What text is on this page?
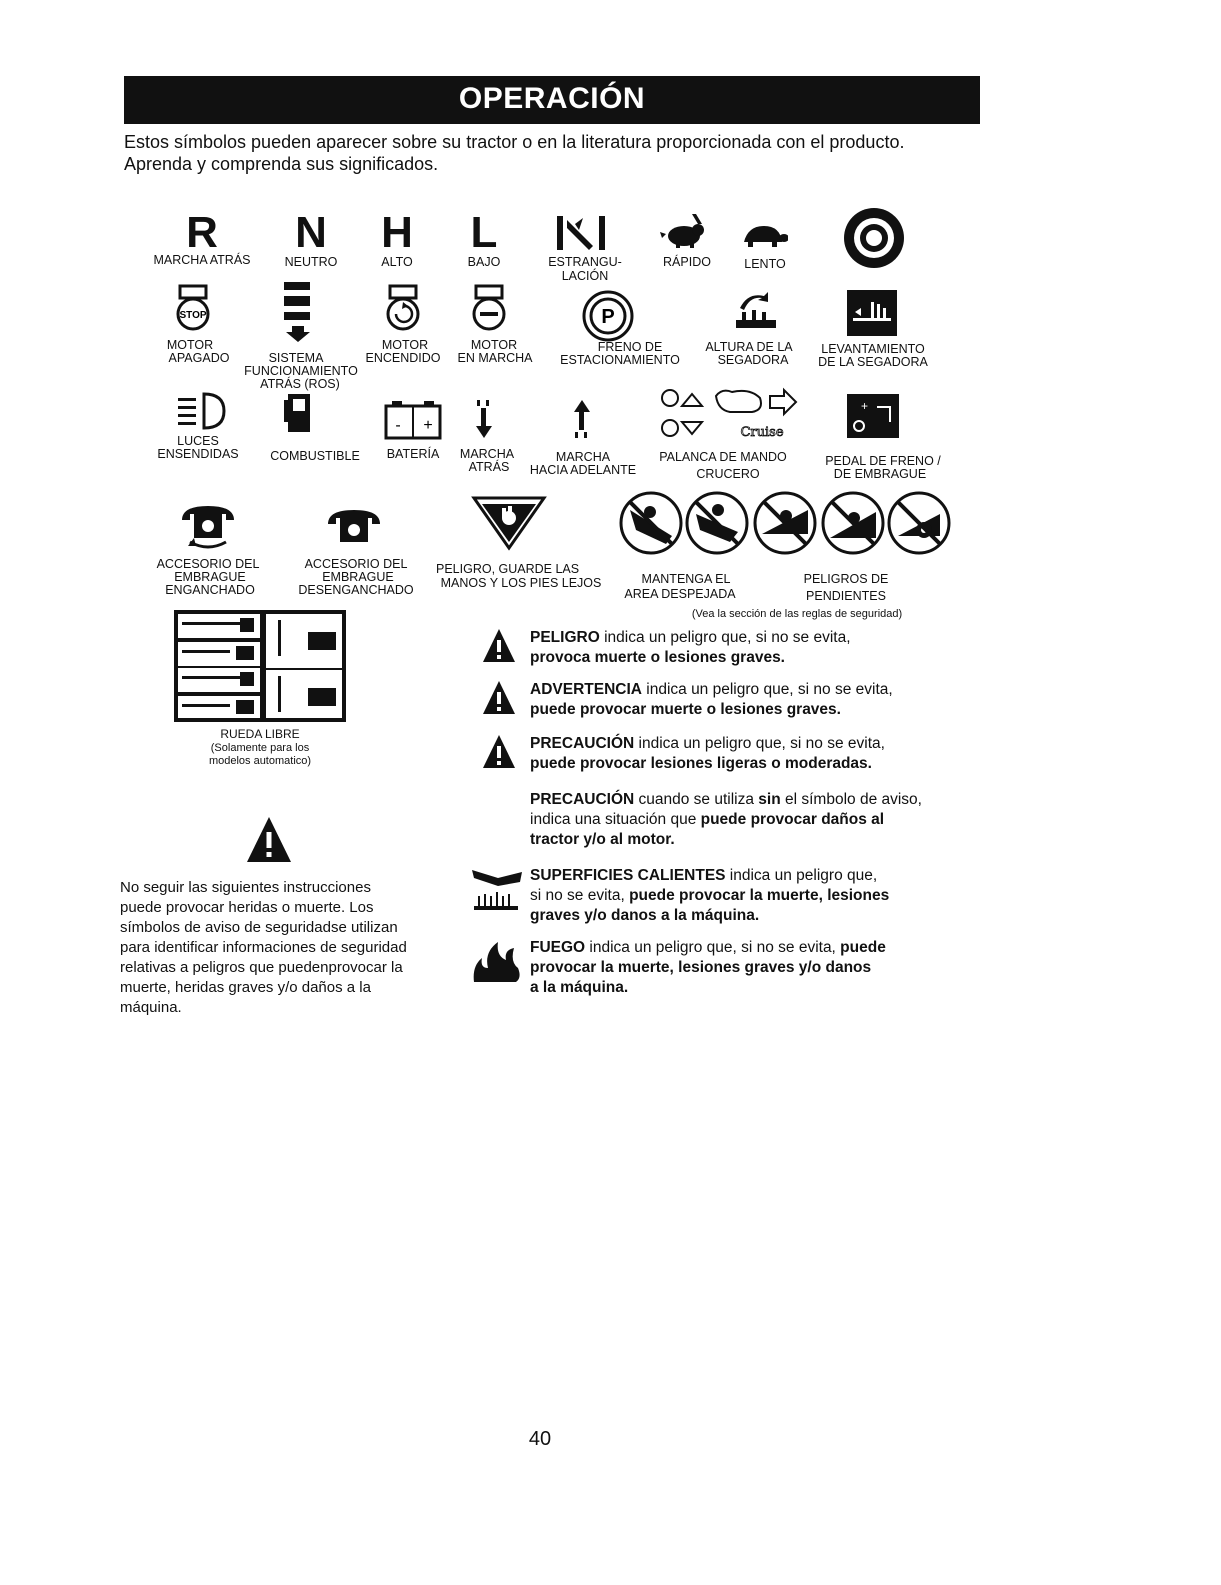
OPERACIÓN
Estos símbolos pueden aparecer sobre su tractor o en la literatura proporcionada con el producto.
Aprenda y comprenda sus significados.
R
MARCHA ATRÁS
N
NEUTRO
H
ALTO
L
BAJO	ESTRANGU-
LACIÓN
RÁPIDO	LENTO
STOP
MOTOR
APAGADO	SISTEMA
FUNCIONAMIENTO
ATRÁS (ROS)
MOTOR
ENCENDIDO
MOTOR
EN MARCHA
P
FRENO DE
ESTACIONAMIENTO
ALTURA DE LA
SEGADORA
LEVANTAMIENTO
DE LA SEGADORA
LUCES
ENSENDIDAS	COMBUSTIBLE
- +
BATERÍA	MARCHA
ATRÁS
MARCHA
HACIA ADELANTE
Cruise
PALANCA DE MANDO
CRUCERO
+
PEDAL DE FRENO /
DE EMBRAGUE
ACCESORIO DEL
EMBRAGUE
ENGANCHADO
ACCESORIO DEL
EMBRAGUE
DESENGANCHADO
PELIGRO, GUARDE LAS
MANOS Y LOS PIES LEJOS	MANTENGA EL
AREA DESPEJADA
PELIGROS DE
PENDIENTES
(Vea la sección de las reglas de seguridad)
RUEDA LIBRE
(Solamente para los
modelos automatico)
PELIGRO indica un peligro que, si no se evita,
provoca muerte o lesiones graves.
ADVERTENCIA indica un peligro que, si no se evita,
puede provocar muerte o lesiones graves.
PRECAUCIÓN indica un peligro que, si no se evita,
puede provocar lesiones ligeras o moderadas.
PRECAUCIÓN cuando se utiliza sin el símbolo de aviso,
indica una situación que puede provocar daños al
tractor y/o al motor.
SUPERFICIES CALIENTES indica un peligro que,
si no se evita, puede provocar la muerte, lesiones
graves y/o danos a la máquina.
FUEGO indica un peligro que, si no se evita, puede
provocar la muerte, lesiones graves y/o danos
a la máquina.
No seguir las siguientes instrucciones
puede provocar heridas o muerte. Los
símbolos de aviso de seguridadse utilizan
para identificar informaciones de seguridad
relativas a peligros que puedenprovocar la
muerte, heridas graves y/o daños a la
máquina.
40
